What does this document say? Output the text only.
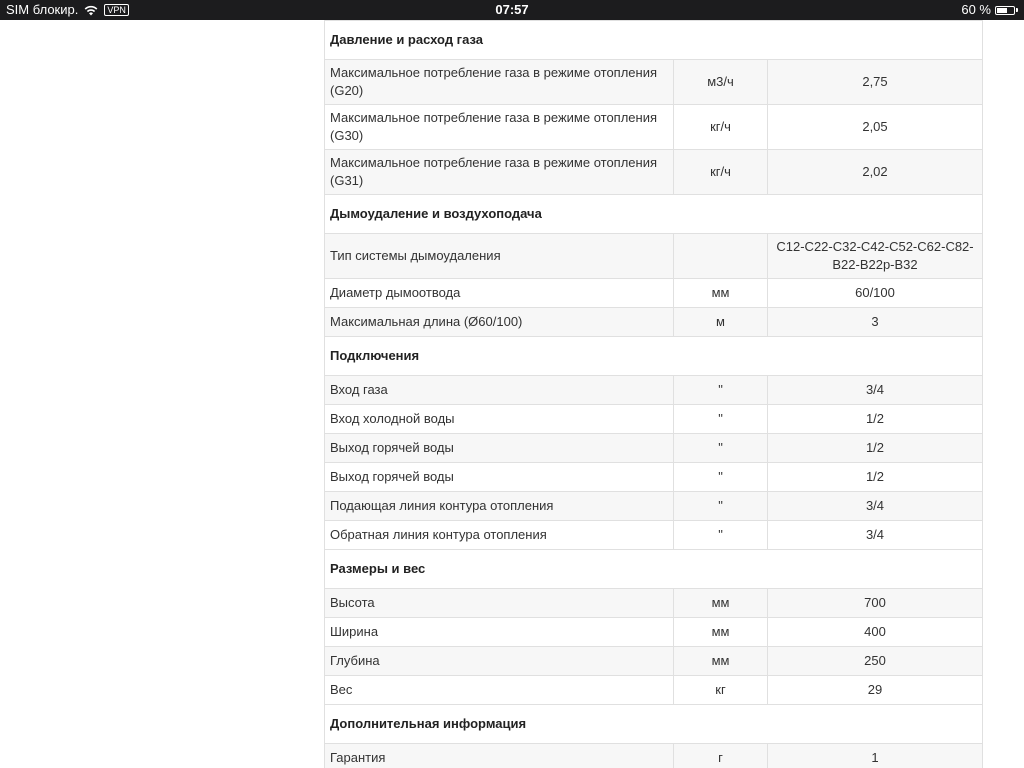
SIM блокир.	VPN	07:57	60 %
Давление и расход газа		
Максимальное потребление газа в режиме отопления (G20)	м3/ч	2,75
Максимальное потребление газа в режиме отопления (G30)	кг/ч	2,05
Максимальное потребление газа в режиме отопления (G31)	кг/ч	2,02
Дымоудаление и воздухоподача		
Тип системы дымоудаления		C12-C22-C32-C42-C52-C62-C82- B22-B22p-B32
Диаметр дымоотвода	мм	60/100
Максимальная длина (Ø60/100)	м	3
Подключения		
Вход газа	"	3/4
Вход холодной воды	"	1/2
Выход горячей воды	"	1/2
Выход горячей воды	"	1/2
Подающая линия контура отопления	"	3/4
Обратная линия контура отопления	"	3/4
Размеры и вес		
Высота	мм	700
Ширина	мм	400
Глубина	мм	250
Вес	кг	29
Дополнительная информация		
Гарантия	г	1
